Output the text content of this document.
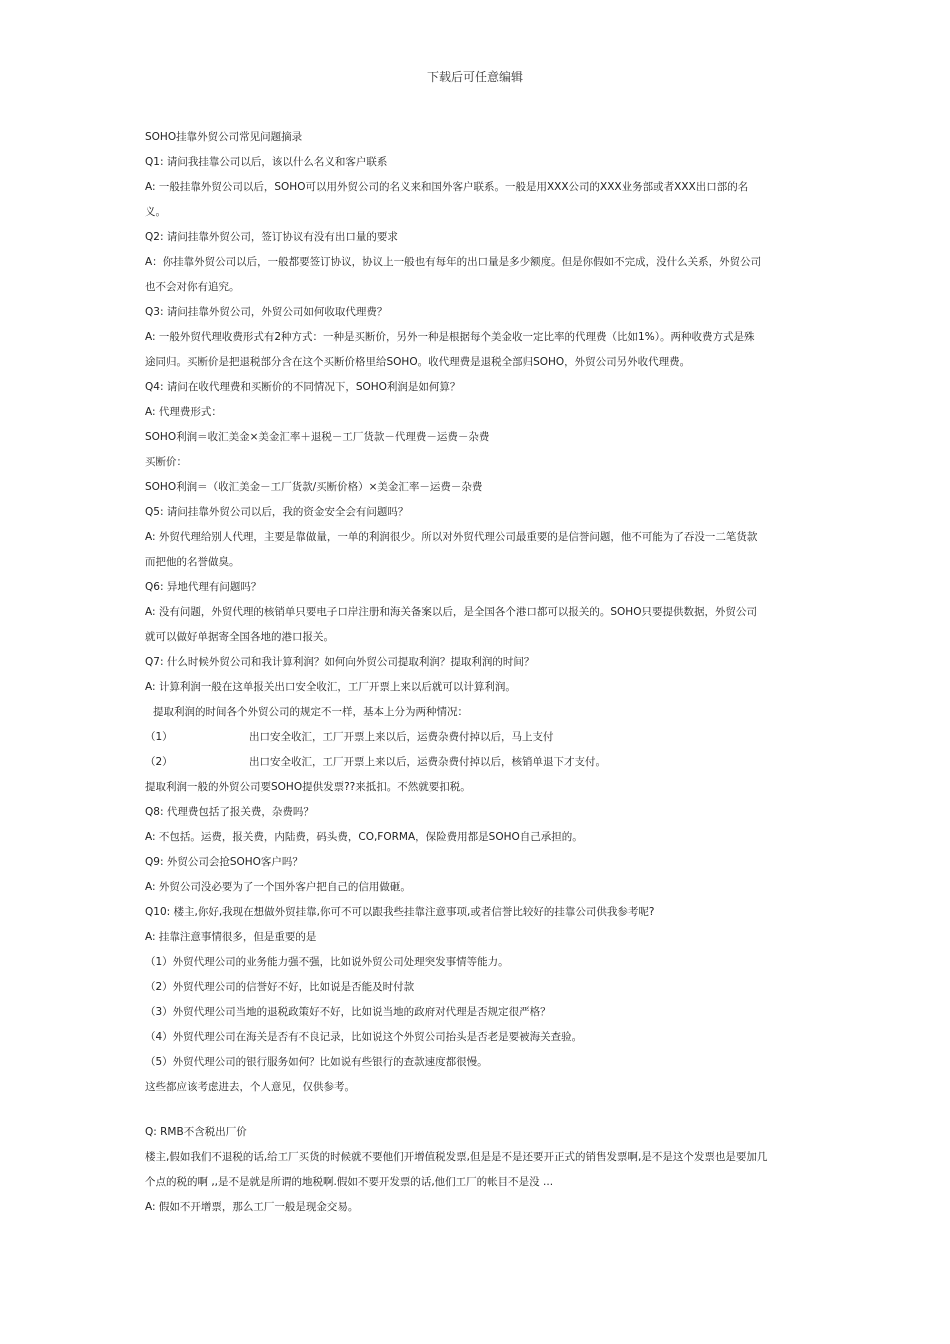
下载后可任意编辑
SOHO挂靠外贸公司常见问题摘录
Q1: 请问我挂靠公司以后，该以什么名义和客户联系
A: 一般挂靠外贸公司以后，SOHO可以用外贸公司的名义来和国外客户联系。一般是用XXX公司的XXX业务部或者XXX出口部的名
义。
Q2: 请问挂靠外贸公司，签订协议有没有出口量的要求
A：你挂靠外贸公司以后，一般都要签订协议，协议上一般也有每年的出口量是多少额度。但是你假如不完成，没什么关系，外贸公司
也不会对你有追究。
Q3: 请问挂靠外贸公司，外贸公司如何收取代理费？
A: 一般外贸代理收费形式有2种方式：一种是买断价，另外一种是根据每个美金收一定比率的代理费（比如1%）。两种收费方式是殊
途同归。买断价是把退税部分含在这个买断价格里给SOHO。收代理费是退税全部归SOHO，外贸公司另外收代理费。
Q4: 请问在收代理费和买断价的不同情况下，SOHO利润是如何算？
A: 代理费形式：
SOHO利润＝收汇美金×美金汇率＋退税－工厂货款－代理费－运费－杂费
买断价：
SOHO利润＝（收汇美金－工厂货款/买断价格）×美金汇率－运费－杂费
Q5: 请问挂靠外贸公司以后，我的资金安全会有问题吗？
A: 外贸代理给别人代理，主要是靠做量，一单的利润很少。所以对外贸代理公司最重要的是信誉问题，他不可能为了吞没一二笔货款
而把他的名誉做臭。
Q6: 异地代理有问题吗？
A: 没有问题，外贸代理的核销单只要电子口岸注册和海关备案以后，是全国各个港口都可以报关的。SOHO只要提供数据，外贸公司
就可以做好单据寄全国各地的港口报关。
Q7: 什么时候外贸公司和我计算利润？如何向外贸公司提取利润？提取利润的时间？
A: 计算利润一般在这单报关出口安全收汇，工厂开票上来以后就可以计算利润。
提取利润的时间各个外贸公司的规定不一样，基本上分为两种情况：
（1）	出口安全收汇，工厂开票上来以后，运费杂费付掉以后，马上支付
（2）	出口安全收汇，工厂开票上来以后，运费杂费付掉以后，核销单退下才支付。
提取利润一般的外贸公司要SOHO提供发票??来抵扣。不然就要扣税。
Q8: 代理费包括了报关费，杂费吗？
A: 不包括。运费，报关费，内陆费，码头费，CO,FORMA，保险费用都是SOHO自己承担的。
Q9: 外贸公司会抢SOHO客户吗？
A: 外贸公司没必要为了一个国外客户把自己的信用做砸。
Q10: 楼主,你好,我现在想做外贸挂靠,你可不可以跟我些挂靠注意事项,或者信誉比较好的挂靠公司供我参考呢?
A: 挂靠注意事情很多，但是重要的是
（1）外贸代理公司的业务能力强不强，比如说外贸公司处理突发事情等能力。
（2）外贸代理公司的信誉好不好，比如说是否能及时付款
（3）外贸代理公司当地的退税政策好不好，比如说当地的政府对代理是否规定很严格？
（4）外贸代理公司在海关是否有不良记录，比如说这个外贸公司抬头是否老是要被海关查验。
（5）外贸代理公司的银行服务如何？比如说有些银行的查款速度都很慢。
这些都应该考虑进去，个人意见，仅供参考。
Q: RMB不含税出厂价
楼主,假如我们不退税的话,给工厂买货的时候就不要他们开增值税发票,但是是不是还要开正式的销售发票啊,是不是这个发票也是要加几
个点的税的啊 ,,是不是就是所谓的地税啊.假如不要开发票的话,他们工厂的帐目不是没 ...
A: 假如不开增票，那么工厂一般是现金交易。
